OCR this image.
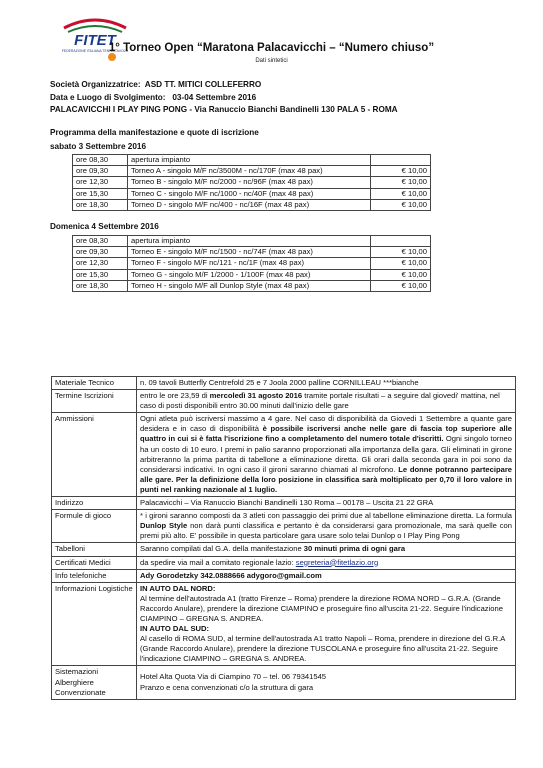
FITET
FEDERAZIONE ITALIANA TENNISTAVOLO
1° Torneo Open “Maratona Palacavicchi – “Numero chiuso”
Dati sintetici
Società Organizzatrice: ASD TT. MITICI COLLEFERRO
Data e Luogo di Svolgimento: 03-04 Settembre 2016
PALACAVICCHI I PLAY PING PONG - Via Ranuccio Bianchi Bandinelli 130 PALA 5 - ROMA
Programma della manifestazione e quote di iscrizione
sabato 3 Settembre 2016
ore 08,30	apertura impianto	
ore 09,30	Torneo A - singolo M/F nc/3500M - nc/170F (max 48 pax)	€ 10,00
ore 12,30	Torneo B - singolo M/F nc/2000 - nc/96F (max 48 pax)	€ 10,00
ore 15,30	Torneo C - singolo M/F nc/1000 - nc/40F (max 48 pax)	€ 10,00
ore 18,30	Torneo D - singolo M/F nc/400 - nc/16F (max 48 pax)	€ 10,00
Domenica 4 Settembre 2016
ore 08,30	apertura impianto	
ore 09,30	Torneo E - singolo M/F nc/1500 - nc/74F (max 48 pax)	€ 10,00
ore 12,30	Torneo F - singolo M/F nc/121 - nc/1F (max 48 pax)	€ 10,00
ore 15,30	Torneo G - singolo M/F 1/2000 - 1/100F (max 48 pax)	€ 10,00
ore 18,30	Torneo H - singolo M/F all Dunlop Style (max 48 pax)	€ 10,00
Materiale Tecnico	n. 09 tavoli Butterfly Centrefold 25 e 7 Joola 2000 palline CORNILLEAU ***bianche
Termine Iscrizioni	entro le ore 23,59 di mercoledì 31 agosto 2016 tramite portale risultati – a seguire dal giovedi' mattina, nel caso di posti disponibili entro 30.00 minuti dall'inizio delle gare
Ammissioni	Ogni atleta può iscriversi massimo a 4 gare. Nel caso di disponibilità da Giovedi 1 Settembre a quante gare desidera e in caso di disponibilità è possibile iscriversi anche nelle gare di fascia top superiore alle quattro in cui si è fatta l'iscrizione fino a completamento del numero totale d'iscritti. Ogni singolo torneo ha un costo di 10 euro. I premi in palio saranno proporzionati alla importanza della gara. Gli eliminati in girone arbitreranno la prima partita di tabellone a eliminazione diretta. Gli orari dalla seconda gara in poi sono da considerarsi indicativi. In ogni caso il gironi saranno chiamati al microfono. Le donne potranno partecipare alle gare. Per la definizione della loro posizione in classifica sarà moltiplicato per 0,70 il loro valore in punti nel ranking nazionale al 1 luglio.
Indirizzo	Palacavicchi – Via Ranuccio Bianchi Bandinelli 130 Roma – 00178 – Uscita 21 22 GRA
Formule di gioco	* i gironi saranno composti da 3 atleti con passaggio dei primi due al tabellone eliminazione diretta. La formula Dunlop Style non darà punti classifica e pertanto è da considerarsi gara promozionale, ma sarà quelle con premi più alto. E' possibile in questa particolare gara usare solo telai Dunlop o I Play Ping Pong
Tabelloni	Saranno compilati dal G.A. della manifestazione 30 minuti prima di ogni gara
Certificati Medici	da spedire via mail a comitato regionale lazio: segreteria@fitetlazio.org
Info telefoniche	Ady Gorodetzky 342.0888666 adygoro@gmail.com
Informazioni Logistiche	IN AUTO DAL NORD:
Al termine dell'autostrada A1 (tratto Firenze – Roma) prendere la direzione ROMA NORD – G.R.A. (Grande Raccordo Anulare), prendere la direzione CIAMPINO e proseguire fino all'uscita 21-22. Seguire l'indicazione CIAMPINO – GREGNA S. ANDREA.
IN AUTO DAL SUD:
Al casello di ROMA SUD, al termine dell'autostrada A1 tratto Napoli – Roma, prendere in direzione del G.R.A (Grande Raccordo Anulare), prendere la direzione TUSCOLANA e proseguire fino all'uscita 21-22. Seguire l'indicazione CIAMPINO – GREGNA S. ANDREA.
Sistemazioni Alberghiere Convenzionate	Hotel Alta Quota Via di Ciampino 70 – tel. 06 79341545
Pranzo e cena convenzionati c/o la struttura di gara
